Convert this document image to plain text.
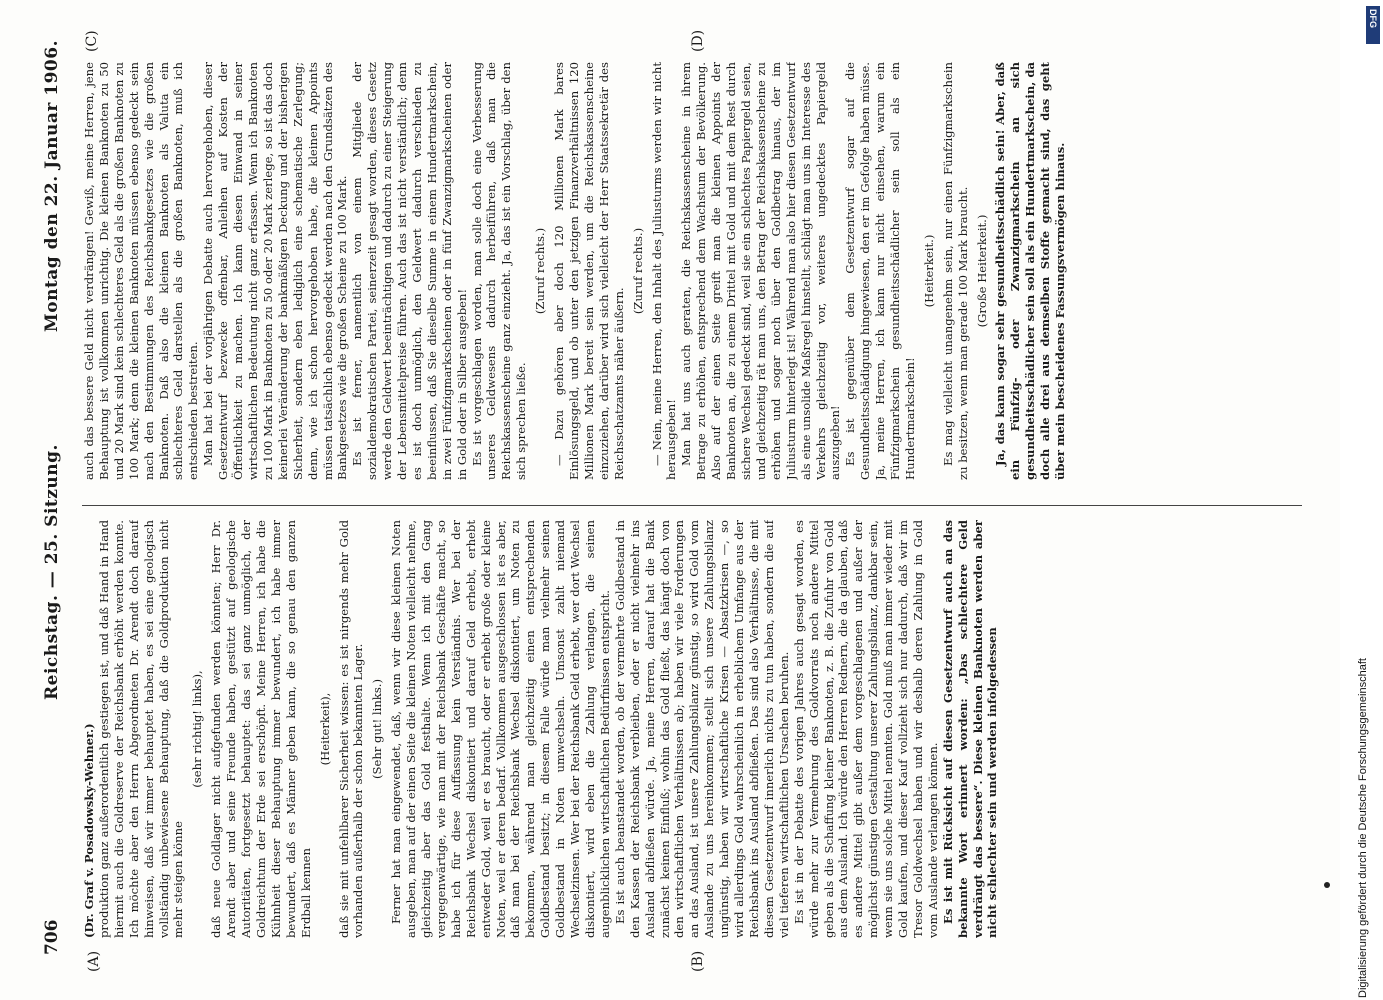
706
Reichstag. — 25. Sitzung.
Montag den 22. Januar 1906.
(A)	(B)
(C)	(D)

(Dr. Graf v. Posadowsky-Wehner.) produktion ganz außerordentlich gestiegen ist, und daß Hand in Hand hiermit auch die Goldreserve der Reichsbank erhöht werden konnte. Ich möchte aber den Herrn Abgeordneten Dr. Arendt doch darauf hinweisen, daß wir immer behauptet haben, es sei eine geologisch vollständig unbewiesene Behauptung, daß die Goldproduktion nicht mehr steigen könne

(sehr richtig! links), daß neue Goldlager nicht aufgefunden werden könnten; Herr Dr. Arendt aber und seine Freunde haben, gestützt auf geologische Autoritäten, fortgesetzt behauptet: das sei ganz unmöglich, der Goldreichtum der Erde sei erschöpft. Meine Herren, ich habe die Kühnheit dieser Behauptung immer bewundert, ich habe immer bewundert, daß es Männer geben kann, die so genau den ganzen Erdball kennen

(Heiterkeit), daß sie mit unfehlbarer Sicherheit wissen: es ist nirgends mehr Gold vorhanden außerhalb der schon bekannten Lager. (Sehr gut! links.) Ferner hat man eingewendet, daß, wenn wir diese kleinen Noten ausgeben, man auf der einen Seite die kleinen Noten vielleicht nehme, gleichzeitig aber das Gold festhalte. Wenn ich mit den Gang vergegenwärtige, wie man mit der Reichsbank Geschäfte macht, so habe ich für diese Auffassung kein Verständnis. Wer bei der Reichsbank Wechsel diskontiert und darauf Geld erhebt, erhebt entweder Gold, weil er es braucht, oder er erhebt große oder kleine Noten, weil er deren bedarf. Vollkommen ausgeschlossen ist es aber, daß man bei der Reichsbank Wechsel diskontiert, um Noten zu bekommen, während man gleichzeitig einen entsprechenden Goldbestand besitzt; in diesem Falle würde man vielmehr seinen Goldbestand in Noten umwechseln. Umsonst zahlt niemand Wechselzinsen. Wer bei der Reichsbank Geld erhebt, wer dort Wechsel diskontiert, wird eben die Zahlung verlangen, die seinen augenblicklichen wirtschaftlichen Bedürfnissen entspricht. Es ist auch beanstandet worden, ob der vermehrte Goldbestand in den Kassen der Reichsbank verbleiben, oder er nicht vielmehr ins Ausland abfließen würde. Ja, meine Herren, darauf hat die Bank zunächst keinen Einfluß; wohin das Gold fließt, das hängt doch von den wirtschaftlichen Verhältnissen ab; haben wir viele Forderungen an das Ausland, ist unsere Zahlungsbilanz günstig, so wird Gold vom Auslande zu uns hereinkommen; stellt sich unsere Zahlungsbilanz ungünstig, haben wir wirtschaftliche Krisen — Absatzkrisen —, so wird allerdings Gold wahrscheinlich in erheblichem Umfange aus der Reichsbank ins Ausland abfließen. Das sind also Verhältnisse, die mit diesem Gesetzentwurf innerlich nichts zu tun haben, sondern die auf viel tieferen wirtschaftlichen Ursachen beruhen. Es ist in der Debatte des vorigen Jahres auch gesagt worden, es würde mehr zur Vermehrung des Goldvorrats noch andere Mittel geben als die Schaffung kleiner Banknoten, z. B. die Zufuhr von Gold aus dem Ausland. Ich würde den Herren Rednern, die da glauben, daß es andere Mittel gibt außer dem vorgeschlagenen und außer der möglichst günstigen Gestaltung unserer Zahlungsbilanz, dankbar sein, wenn sie uns solche Mittel nennten. Gold muß man immer wieder mit Gold kaufen, und dieser Kauf vollzieht sich nur dadurch, daß wir im Tresor Goldwechsel haben und wir deshalb deren Zahlung in Gold vom Auslande verlangen können. Es ist mit Rücksicht auf diesen Gesetzentwurf auch an das bekannte Wort erinnert worden: „Das schlechtere Geld verdrängt das bessere“. Diese kleinen Banknoten werden aber nicht schlechter sein und werden infolgedessen

auch das bessere Geld nicht verdrängen! Gewiß, meine Herren, jene Behauptung ist vollkommen unrichtig. Die kleinen Banknoten zu 50 und 20 Mark sind kein schlechteres Geld als die großen Banknoten zu 100 Mark; denn die kleinen Banknoten müssen ebenso gedeckt sein nach den Bestimmungen des Reichsbankgesetzes wie die großen Banknoten. Daß also die kleinen Banknoten als Valuta ein schlechteres Geld darstellen als die großen Banknoten, muß ich entschieden bestreiten. Man hat bei der vorjährigen Debatte auch hervorgehoben, dieser Gesetzentwurf bezwecke offenbar, Anleihen auf Kosten der Öffentlichkeit zu machen. Ich kann diesen Einwand in seiner wirtschaftlichen Bedeutung nicht ganz erfassen. Wenn ich Banknoten zu 100 Mark in Banknoten zu 50 oder 20 Mark zerlege, so ist das doch keinerlei Veränderung der bankmäßigen Deckung und der bisherigen Sicherheit, sondern eben lediglich eine schematische Zerlegung; denn, wie ich schon hervorgehoben habe, die kleinen Appoints müssen tatsächlich ebenso gedeckt werden nach den Grundsätzen des Bankgesetzes wie die großen Scheine zu 100 Mark. Es ist ferner, namentlich von einem Mitgliede der sozialdemokratischen Partei, seinerzeit gesagt worden, dieses Gesetz werde den Geldwert beeinträchtigen und dadurch zu einer Steigerung der Lebensmittelpreise führen. Auch das ist nicht verständlich; denn es ist doch unmöglich, den Geldwert dadurch verschieden zu beeinflussen, daß Sie dieselbe Summe in einem Hundertmarkschein, in zwei Fünfzigmarkscheinen oder in fünf Zwanzigmarkscheinen oder in Gold oder in Silber ausgeben! Es ist vorgeschlagen worden, man solle doch eine Verbesserung unseres Geldwesens dadurch herbeiführen, daß man die Reichskassenscheine ganz einzieht. Ja, das ist ein Vorschlag, über den sich sprechen ließe.

(Zuruf rechts.) — Dazu gehören aber doch 120 Millionen Mark bares Einlösungsgeld, und ob unter den jetzigen Finanzverhältnissen 120 Millionen Mark bereit sein werden, um die Reichskassenscheine einzuziehen, darüber wird sich vielleicht der Herr Staatssekretär des Reichsschatzamts näher äußern.

(Zuruf rechts.) — Nein, meine Herren, den Inhalt des Juliusturms werden wir nicht herausgeben! Man hat uns auch geraten, die Reichskassenscheine in ihrem Betrage zu erhöhen, entsprechend dem Wachstum der Bevölkerung. Also auf der einen Seite greift man die kleinen Appoints der Banknoten an, die zu einem Drittel mit Gold und mit dem Rest durch sichere Wechsel gedeckt sind, weil sie ein schlechtes Papiergeld seien, und gleichzeitig rät man uns, den Betrag der Reichskassenscheine zu erhöhen und sogar noch über den Goldbetrag hinaus, der im Juliusturm hinterlegt ist! Während man also hier diesen Gesetzentwurf als eine unsolide Maßregel hinstellt, schlägt man uns im Interesse des Verkehrs gleichzeitig vor, weiteres ungedecktes Papiergeld auszugeben! Es ist gegenüber dem Gesetzentwurf sogar auf die Gesundheitsschädigung hingewiesen, den er im Gefolge haben müsse. Ja, meine Herren, ich kann nur nicht einsehen, warum ein Fünfzigmarkschein gesundheitsschädlicher sein soll als ein Hundertmarkschein!

(Heiterkeit.) Es mag vielleicht unangenehm sein, nur einen Fünfzigmarkschein zu besitzen, wenn man gerade 100 Mark braucht. (Große Heiterkeit.) Ja, das kann sogar sehr gesundheitsschädlich sein! Aber, daß ein Fünfzig- oder Zwanzigmarkschein an sich gesundheitsschädlicher sein soll als ein Hundertmarkschein, da doch alle drei aus demselben Stoffe gemacht sind, das geht über mein bescheidenes Fassungsvermögen hinaus.

Digitalisierung gefördert durch die Deutsche Forschungsgemeinschaft
DFG
